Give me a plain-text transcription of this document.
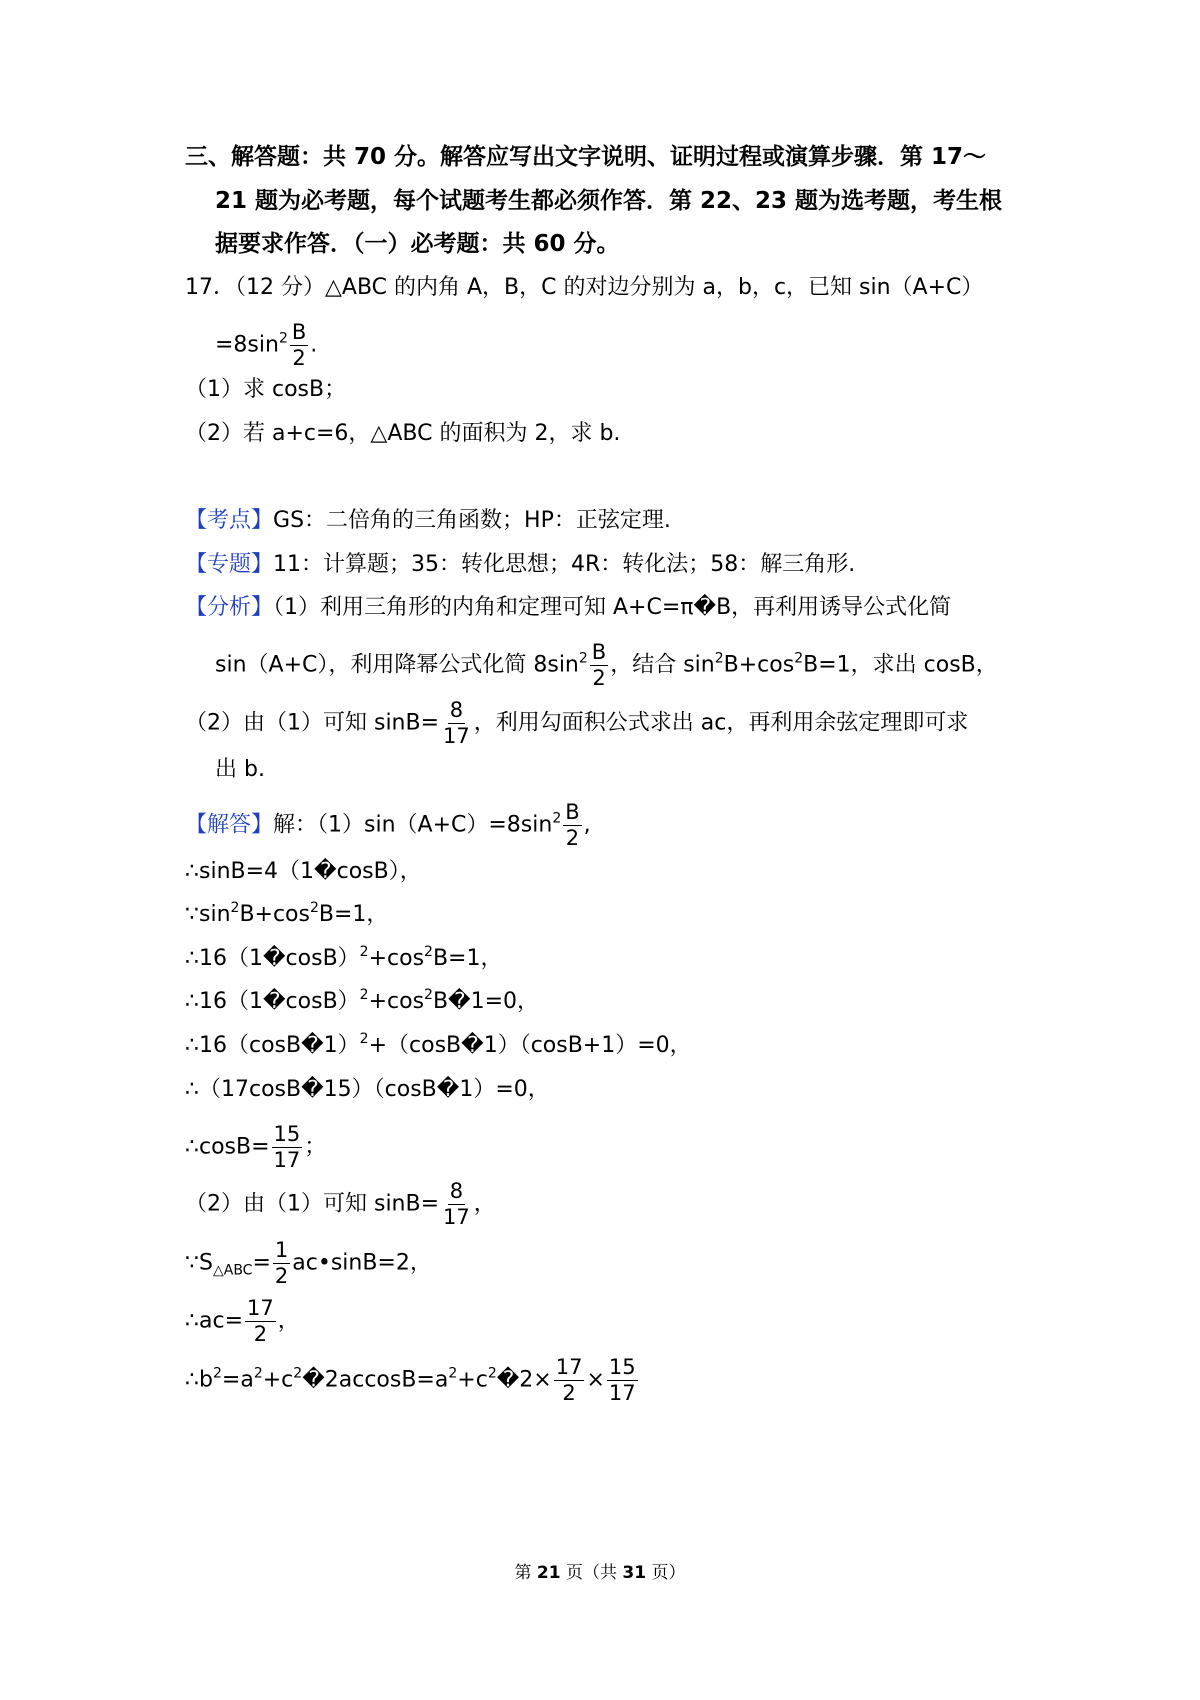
三、解答题：共 70 分。解答应写出文字说明、证明过程或演算步骤．第 17～
21 题为必考题，每个试题考生都必须作答．第 22、23 题为选考题，考生根
据要求作答．（一）必考题：共 60 分。
17．（12 分）△ABC 的内角 A，B，C 的对边分别为 a，b，c，已知 sin（A+C）
$=8\sin^2 \frac{B}{2}$ .
（1）求 cosB；
（2）若 a+c=6，△ABC 的面积为 2，求 b.
【考点】GS：二倍角的三角函数；HP：正弦定理.
【专题】11：计算题；35：转化思想；4R：转化法；58：解三角形.
【分析】（1）利用三角形的内角和定理可知 A+C=π�B，再利用诱导公式化简
sin（A+C），利用降幂公式化简 $8\sin^2 \frac{B}{2}$ ，结合 $\sin^2B+\cos^2B=1$，求出 cosB，
（2）由（1）可知 $\sin B= \frac{8}{17}$ ，利用勾面积公式求出 ac，再利用余弦定理即可求
出 b.
【解答】解：$(1)\sin(A+C)=8\sin^2 \frac{B}{2}$ ,
∴sinB=4（1�cosB），
$\because\sin^2B+\cos^2B=1$，
$\therefore 16(1�\cos B)^2+\cos^2B=1$，
$\therefore 16(1�\cos B)^2+\cos^2B�1=0$，
∴16（cosB�1）$^2$+（cosB�1）（cosB+1）=0，
∴（17cosB�15）（cosB�1）=0，
∴cosB= $\frac{15}{17}$ ；
（2）由（1）可知 $\sin B= \frac{8}{17}$ ，
$\because S_{\triangle ABC}= \frac{1}{2}$ ac•sinB=2，
∴ac= $\frac{17}{2}$ ，
$\therefore b^2=a^2+c^2�2accosB=a^2+c^2�2\times \frac{17}{2} \times \frac{15}{17}$
第 21 页（共 31 页）
